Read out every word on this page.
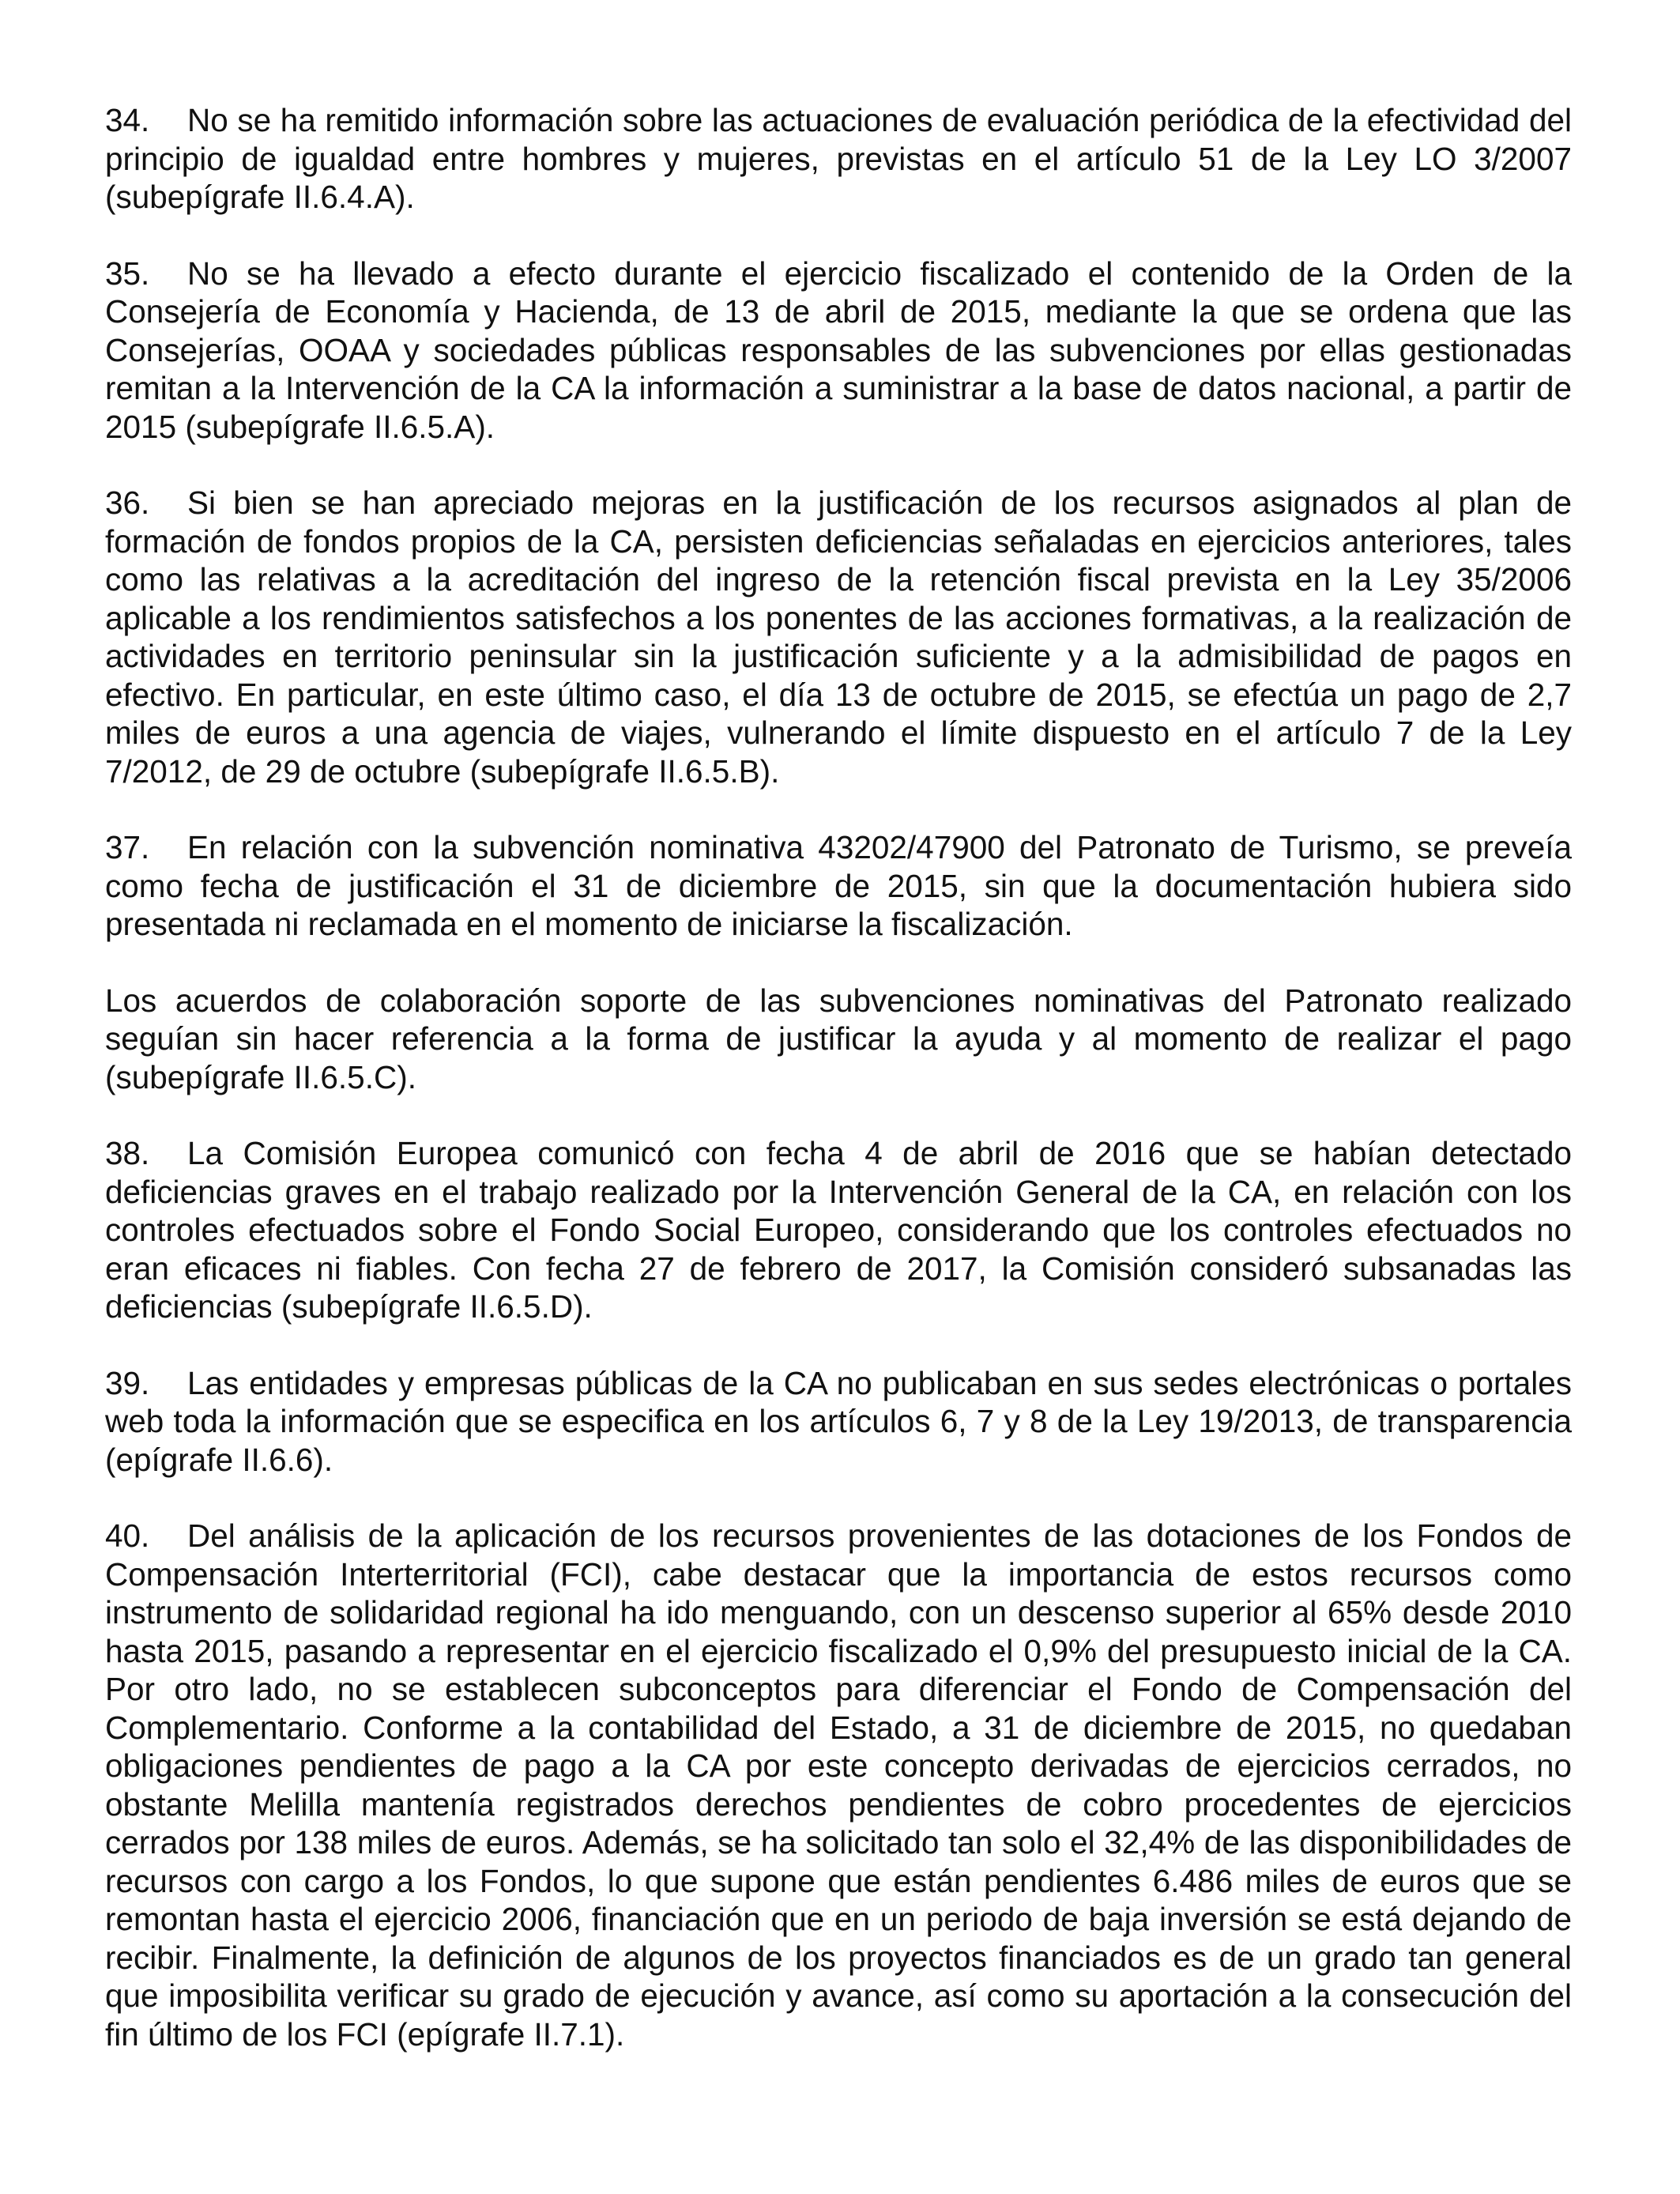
34. No se ha remitido información sobre las actuaciones de evaluación periódica de la efectividad del principio de igualdad entre hombres y mujeres, previstas en el artículo 51 de la Ley LO 3/2007 (subepígrafe II.6.4.A).

35. No se ha llevado a efecto durante el ejercicio fiscalizado el contenido de la Orden de la Consejería de Economía y Hacienda, de 13 de abril de 2015, mediante la que se ordena que las Consejerías, OOAA y sociedades públicas responsables de las subvenciones por ellas gestionadas remitan a la Intervención de la CA la información a suministrar a la base de datos nacional, a partir de 2015 (subepígrafe II.6.5.A).

36. Si bien se han apreciado mejoras en la justificación de los recursos asignados al plan de formación de fondos propios de la CA, persisten deficiencias señaladas en ejercicios anteriores, tales como las relativas a la acreditación del ingreso de la retención fiscal prevista en la Ley 35/2006 aplicable a los rendimientos satisfechos a los ponentes de las acciones formativas, a la realización de actividades en territorio peninsular sin la justificación suficiente y a la admisibilidad de pagos en efectivo. En particular, en este último caso, el día 13 de octubre de 2015, se efectúa un pago de 2,7 miles de euros a una agencia de viajes, vulnerando el límite dispuesto en el artículo 7 de la Ley 7/2012, de 29 de octubre (subepígrafe II.6.5.B).

37. En relación con la subvención nominativa 43202/47900 del Patronato de Turismo, se preveía como fecha de justificación el 31 de diciembre de 2015, sin que la documentación hubiera sido presentada ni reclamada en el momento de iniciarse la fiscalización.

Los acuerdos de colaboración soporte de las subvenciones nominativas del Patronato realizado seguían sin hacer referencia a la forma de justificar la ayuda y al momento de realizar el pago (subepígrafe II.6.5.C).

38. La Comisión Europea comunicó con fecha 4 de abril de 2016 que se habían detectado deficiencias graves en el trabajo realizado por la Intervención General de la CA, en relación con los controles efectuados sobre el Fondo Social Europeo, considerando que los controles efectuados no eran eficaces ni fiables. Con fecha 27 de febrero de 2017, la Comisión consideró subsanadas las deficiencias (subepígrafe II.6.5.D).

39. Las entidades y empresas públicas de la CA no publicaban en sus sedes electrónicas o portales web toda la información que se especifica en los artículos 6, 7 y 8 de la Ley 19/2013, de transparencia (epígrafe II.6.6).

40. Del análisis de la aplicación de los recursos provenientes de las dotaciones de los Fondos de Compensación Interterritorial (FCI), cabe destacar que la importancia de estos recursos como instrumento de solidaridad regional ha ido menguando, con un descenso superior al 65% desde 2010 hasta 2015, pasando a representar en el ejercicio fiscalizado el 0,9% del presupuesto inicial de la CA. Por otro lado, no se establecen subconceptos para diferenciar el Fondo de Compensación del Complementario. Conforme a la contabilidad del Estado, a 31 de diciembre de 2015, no quedaban obligaciones pendientes de pago a la CA por este concepto derivadas de ejercicios cerrados, no obstante Melilla mantenía registrados derechos pendientes de cobro procedentes de ejercicios cerrados por 138 miles de euros. Además, se ha solicitado tan solo el 32,4% de las disponibilidades de recursos con cargo a los Fondos, lo que supone que están pendientes 6.486 miles de euros que se remontan hasta el ejercicio 2006, financiación que en un periodo de baja inversión se está dejando de recibir. Finalmente, la definición de algunos de los proyectos financiados es de un grado tan general que imposibilita verificar su grado de ejecución y avance, así como su aportación a la consecución del fin último de los FCI (epígrafe II.7.1).
